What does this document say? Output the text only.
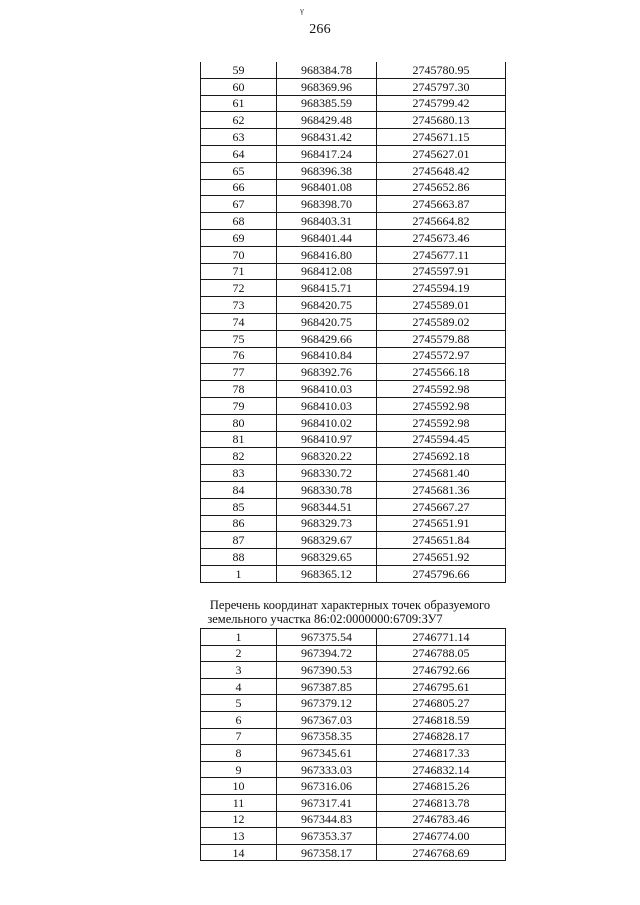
ᵞ
266
59	968384.78	2745780.95
60	968369.96	2745797.30
61	968385.59	2745799.42
62	968429.48	2745680.13
63	968431.42	2745671.15
64	968417.24	2745627.01
65	968396.38	2745648.42
66	968401.08	2745652.86
67	968398.70	2745663.87
68	968403.31	2745664.82
69	968401.44	2745673.46
70	968416.80	2745677.11
71	968412.08	2745597.91
72	968415.71	2745594.19
73	968420.75	2745589.01
74	968420.75	2745589.02
75	968429.66	2745579.88
76	968410.84	2745572.97
77	968392.76	2745566.18
78	968410.03	2745592.98
79	968410.03	2745592.98
80	968410.02	2745592.98
81	968410.97	2745594.45
82	968320.22	2745692.18
83	968330.72	2745681.40
84	968330.78	2745681.36
85	968344.51	2745667.27
86	968329.73	2745651.91
87	968329.67	2745651.84
88	968329.65	2745651.92
1	968365.12	2745796.66
Перечень координат характерных точек образуемого
земельного участка 86:02:0000000:6709:ЗУ7
1	967375.54	2746771.14
2	967394.72	2746788.05
3	967390.53	2746792.66
4	967387.85	2746795.61
5	967379.12	2746805.27
6	967367.03	2746818.59
7	967358.35	2746828.17
8	967345.61	2746817.33
9	967333.03	2746832.14
10	967316.06	2746815.26
11	967317.41	2746813.78
12	967344.83	2746783.46
13	967353.37	2746774.00
14	967358.17	2746768.69
